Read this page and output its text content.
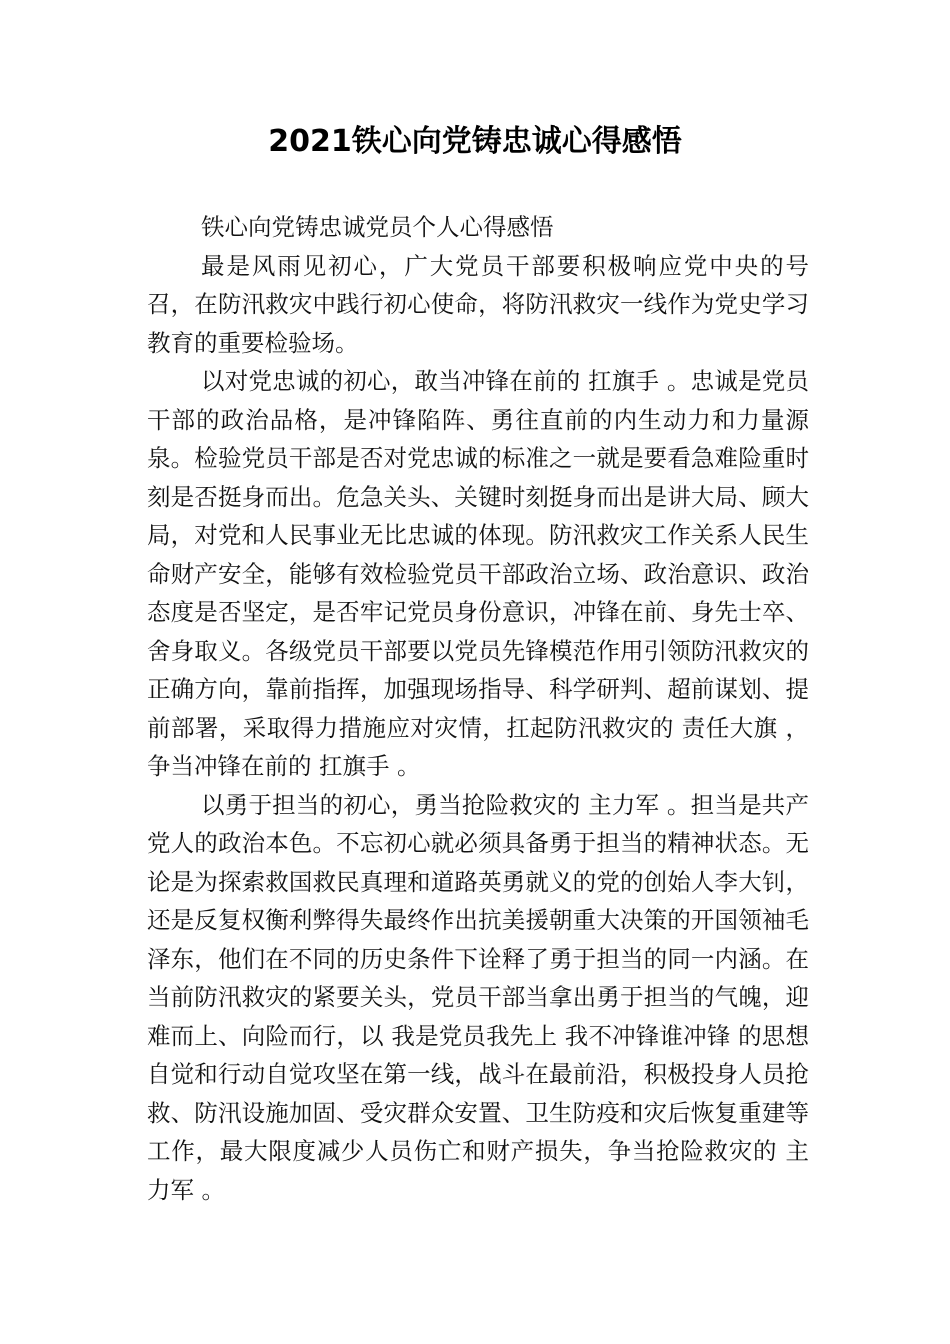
2021铁心向党铸忠诚心得感悟

铁心向党铸忠诚党员个人心得感悟

最是风雨见初心，广大党员干部要积极响应党中央的号召，在防汛救灾中践行初心使命，将防汛救灾一线作为党史学习教育的重要检验场。

以对党忠诚的初心，敢当冲锋在前的 扛旗手 。忠诚是党员干部的政治品格，是冲锋陷阵、勇往直前的内生动力和力量源泉。检验党员干部是否对党忠诚的标准之一就是要看急难险重时刻是否挺身而出。危急关头、关键时刻挺身而出是讲大局、顾大局，对党和人民事业无比忠诚的体现。防汛救灾工作关系人民生命财产安全，能够有效检验党员干部政治立场、政治意识、政治态度是否坚定，是否牢记党员身份意识，冲锋在前、身先士卒、舍身取义。各级党员干部要以党员先锋模范作用引领防汛救灾的正确方向，靠前指挥，加强现场指导、科学研判、超前谋划、提前部署，采取得力措施应对灾情，扛起防汛救灾的 责任大旗 ，争当冲锋在前的 扛旗手 。

以勇于担当的初心，勇当抢险救灾的 主力军 。担当是共产党人的政治本色。不忘初心就必须具备勇于担当的精神状态。无论是为探索救国救民真理和道路英勇就义的党的创始人李大钊，还是反复权衡利弊得失最终作出抗美援朝重大决策的开国领袖毛泽东，他们在不同的历史条件下诠释了勇于担当的同一内涵。在当前防汛救灾的紧要关头，党员干部当拿出勇于担当的气魄，迎难而上、向险而行，以 我是党员我先上 我不冲锋谁冲锋 的思想自觉和行动自觉攻坚在第一线，战斗在最前沿，积极投身人员抢救、防汛设施加固、受灾群众安置、卫生防疫和灾后恢复重建等工作，最大限度减少人员伤亡和财产损失，争当抢险救灾的 主力军 。
